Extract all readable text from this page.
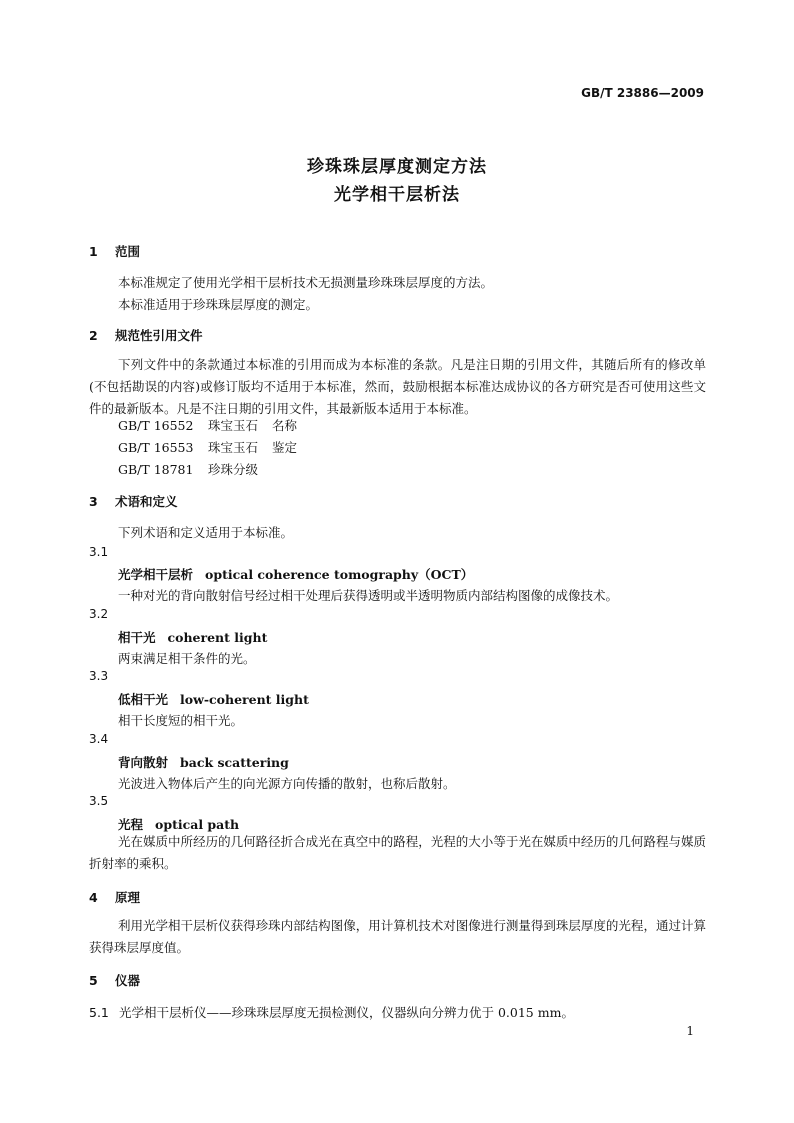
GB/T 23886—2009
珍珠珠层厚度测定方法
光学相干层析法
1 范围
本标准规定了使用光学相干层析技术无损测量珍珠珠层厚度的方法。
本标准适用于珍珠珠层厚度的测定。
2 规范性引用文件
下列文件中的条款通过本标准的引用而成为本标准的条款。凡是注日期的引用文件，其随后所有的修改单(不包括勘误的内容)或修订版均不适用于本标准，然而，鼓励根据本标准达成协议的各方研究是否可使用这些文件的最新版本。凡是不注日期的引用文件，其最新版本适用于本标准。
GB/T 16552 珠宝玉石 名称
GB/T 16553 珠宝玉石 鉴定
GB/T 18781 珍珠分级
3 术语和定义
下列术语和定义适用于本标准。
3.1
光学相干层析 optical coherence tomography（OCT）
一种对光的背向散射信号经过相干处理后获得透明或半透明物质内部结构图像的成像技术。
3.2
相干光 coherent light
两束满足相干条件的光。
3.3
低相干光 low-coherent light
相干长度短的相干光。
3.4
背向散射 back scattering
光波进入物体后产生的向光源方向传播的散射，也称后散射。
3.5
光程 optical path
光在媒质中所经历的几何路径折合成光在真空中的路程，光程的大小等于光在媒质中经历的几何路程与媒质折射率的乘积。
4 原理
利用光学相干层析仪获得珍珠内部结构图像，用计算机技术对图像进行测量得到珠层厚度的光程，通过计算获得珠层厚度值。
5 仪器
5.1 光学相干层析仪——珍珠珠层厚度无损检测仪，仪器纵向分辨力优于 0.015 mm。
1
